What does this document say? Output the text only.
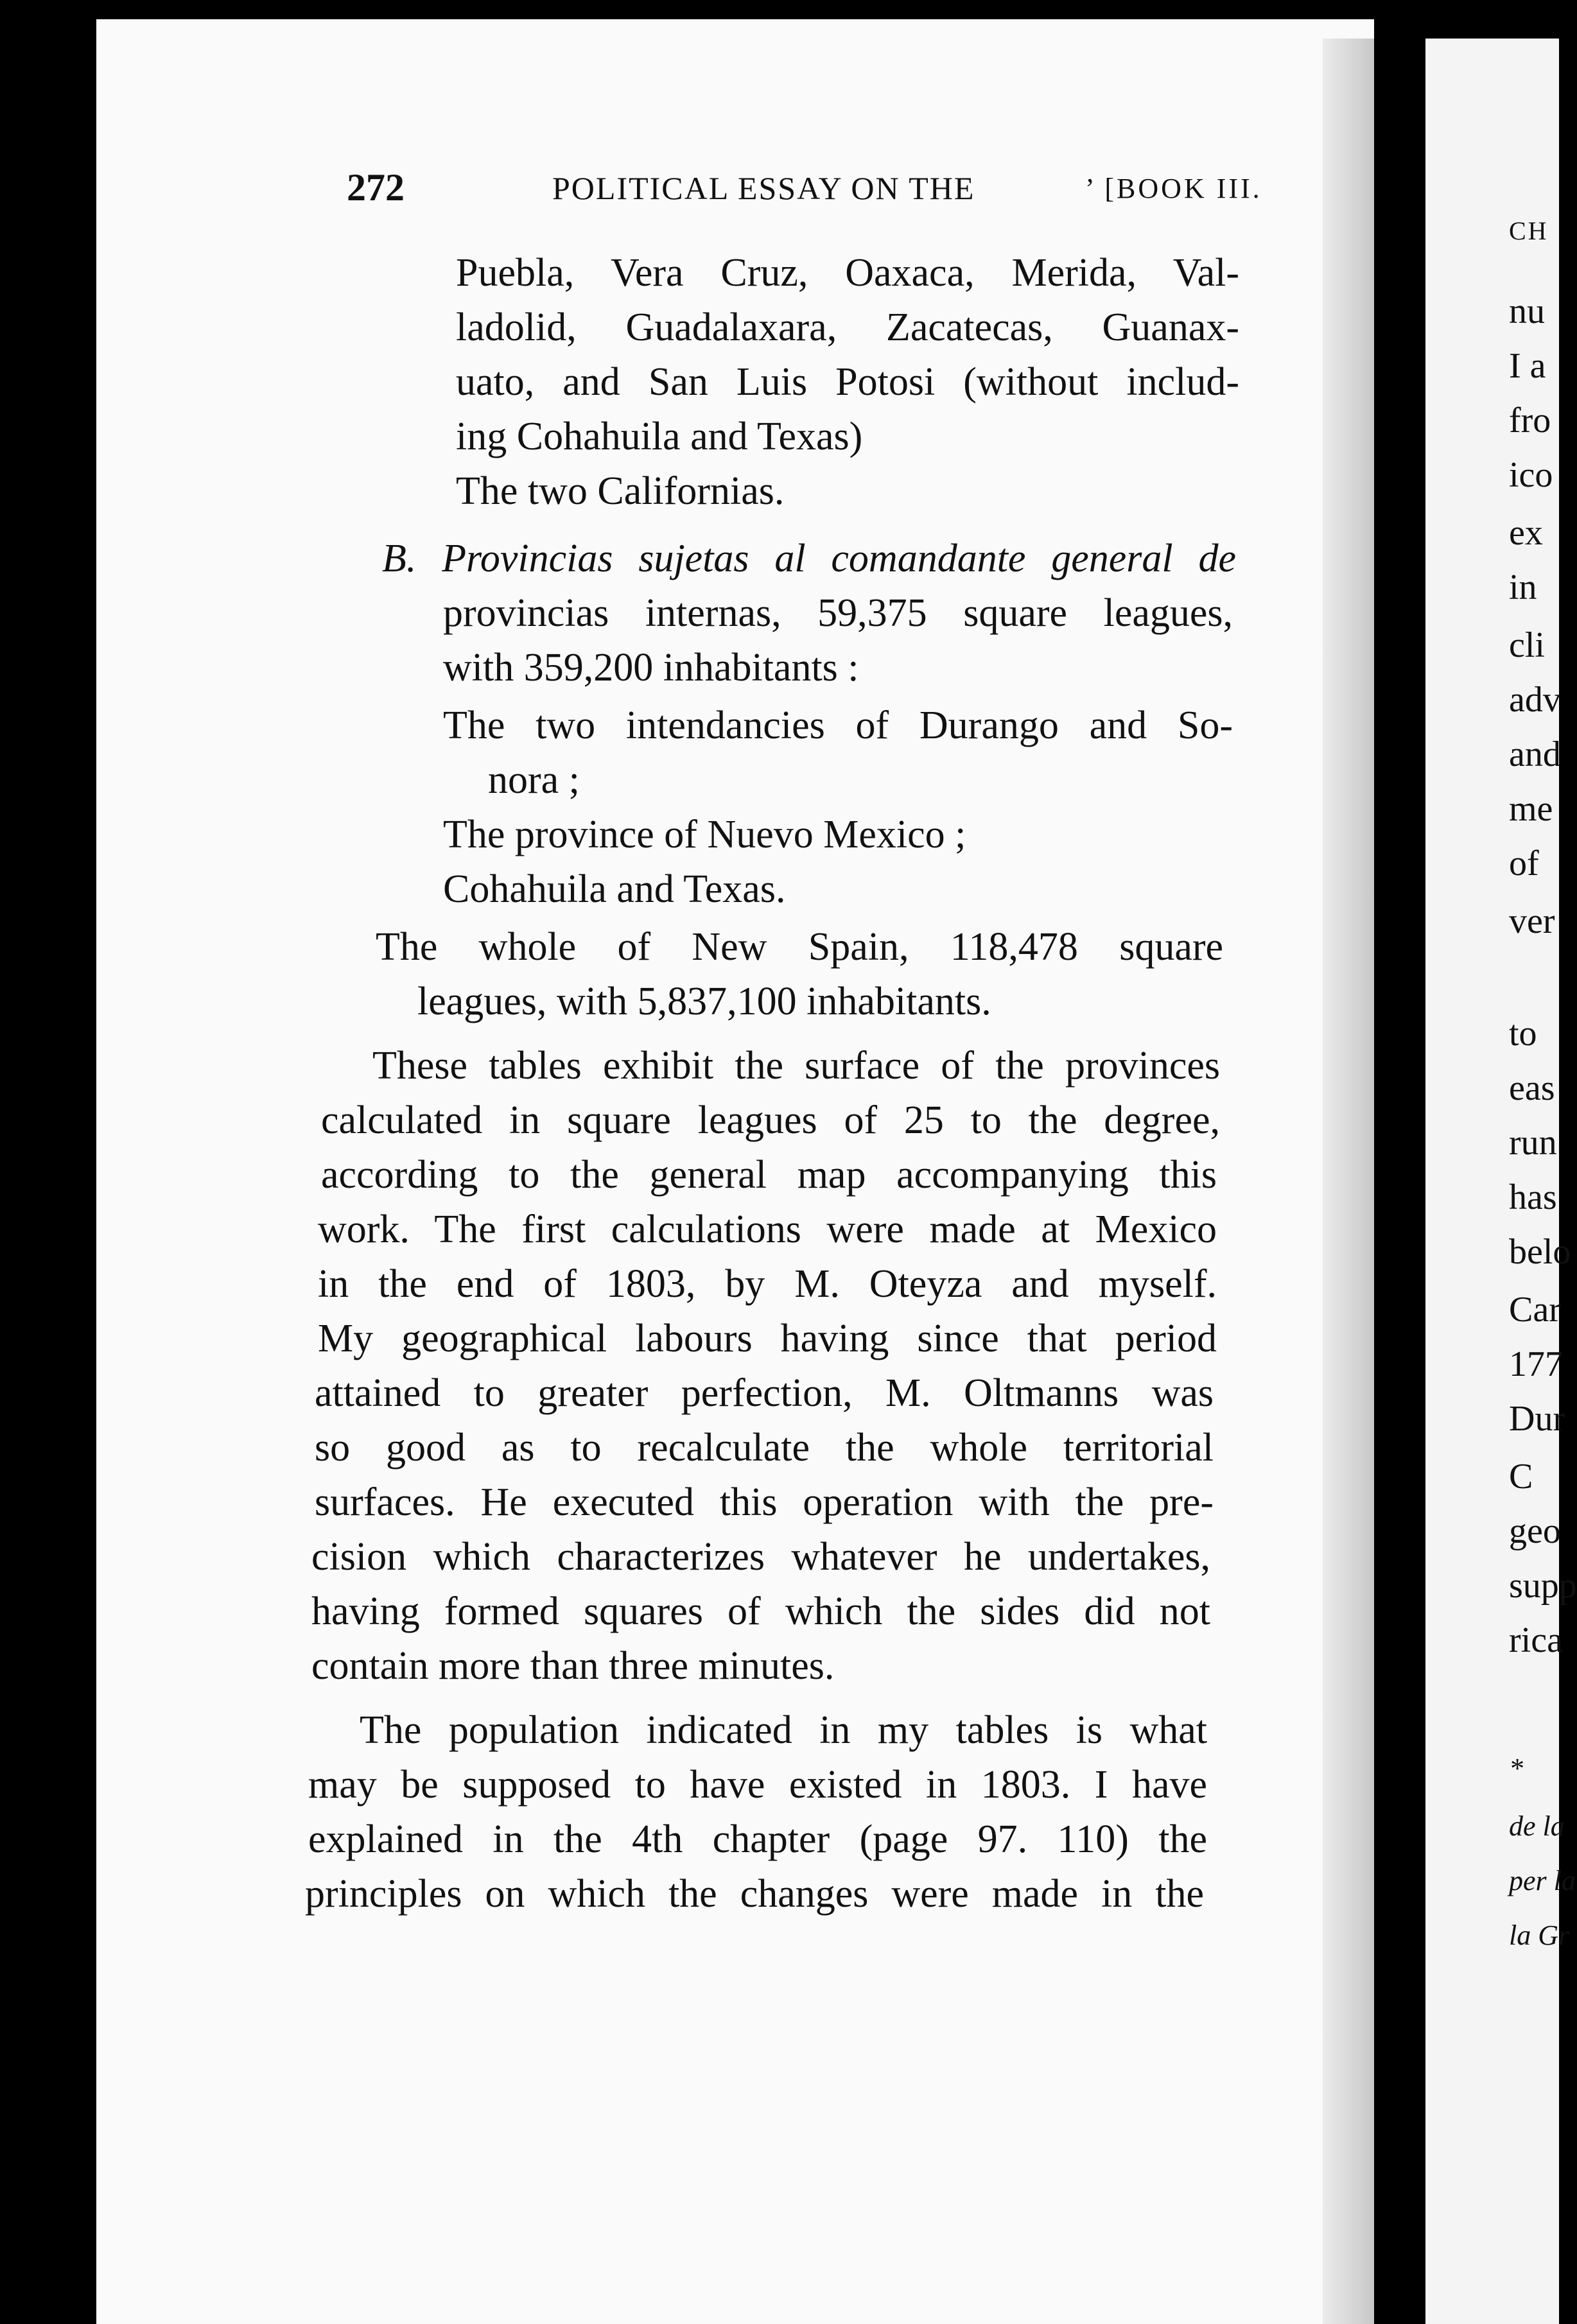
272	POLITICAL ESSAY ON THE	’ [BOOK III.
Puebla, Vera Cruz, Oaxaca, Merida, Val-
ladolid, Guadalaxara, Zacatecas, Guanax-
uato, and San Luis Potosi (without includ-
ing Cohahuila and Texas)
The two Californias.
B. Provincias sujetas al comandante general de
provincias internas, 59,375 square leagues,
with 359,200 inhabitants :
The two intendancies of Durango and So-
nora ;
The province of Nuevo Mexico ;
Cohahuila and Texas.
The whole of New Spain, 118,478 square
leagues, with 5,837,100 inhabitants.
These tables exhibit the surface of the provinces
calculated in square leagues of 25 to the degree,
according to the general map accompanying this
work. The first calculations were made at Mexico
in the end of 1803, by M. Oteyza and myself.
My geographical labours having since that period
attained to greater perfection, M. Oltmanns was
so good as to recalculate the whole territorial
surfaces. He executed this operation with the pre-
cision which characterizes whatever he undertakes,
having formed squares of which the sides did not
contain more than three minutes.
The population indicated in my tables is what
may be supposed to have existed in 1803. I have
explained in the 4th chapter (page 97. 110) the
principles on which the changes were made in the
CH
nu
I a
fro
ico
ex
in
cli
adv
and
me
of
ver
to
eas
run
has
belo
Car
177
Dur
C
geo
supp
rica
*
de la
per la
la Gr
